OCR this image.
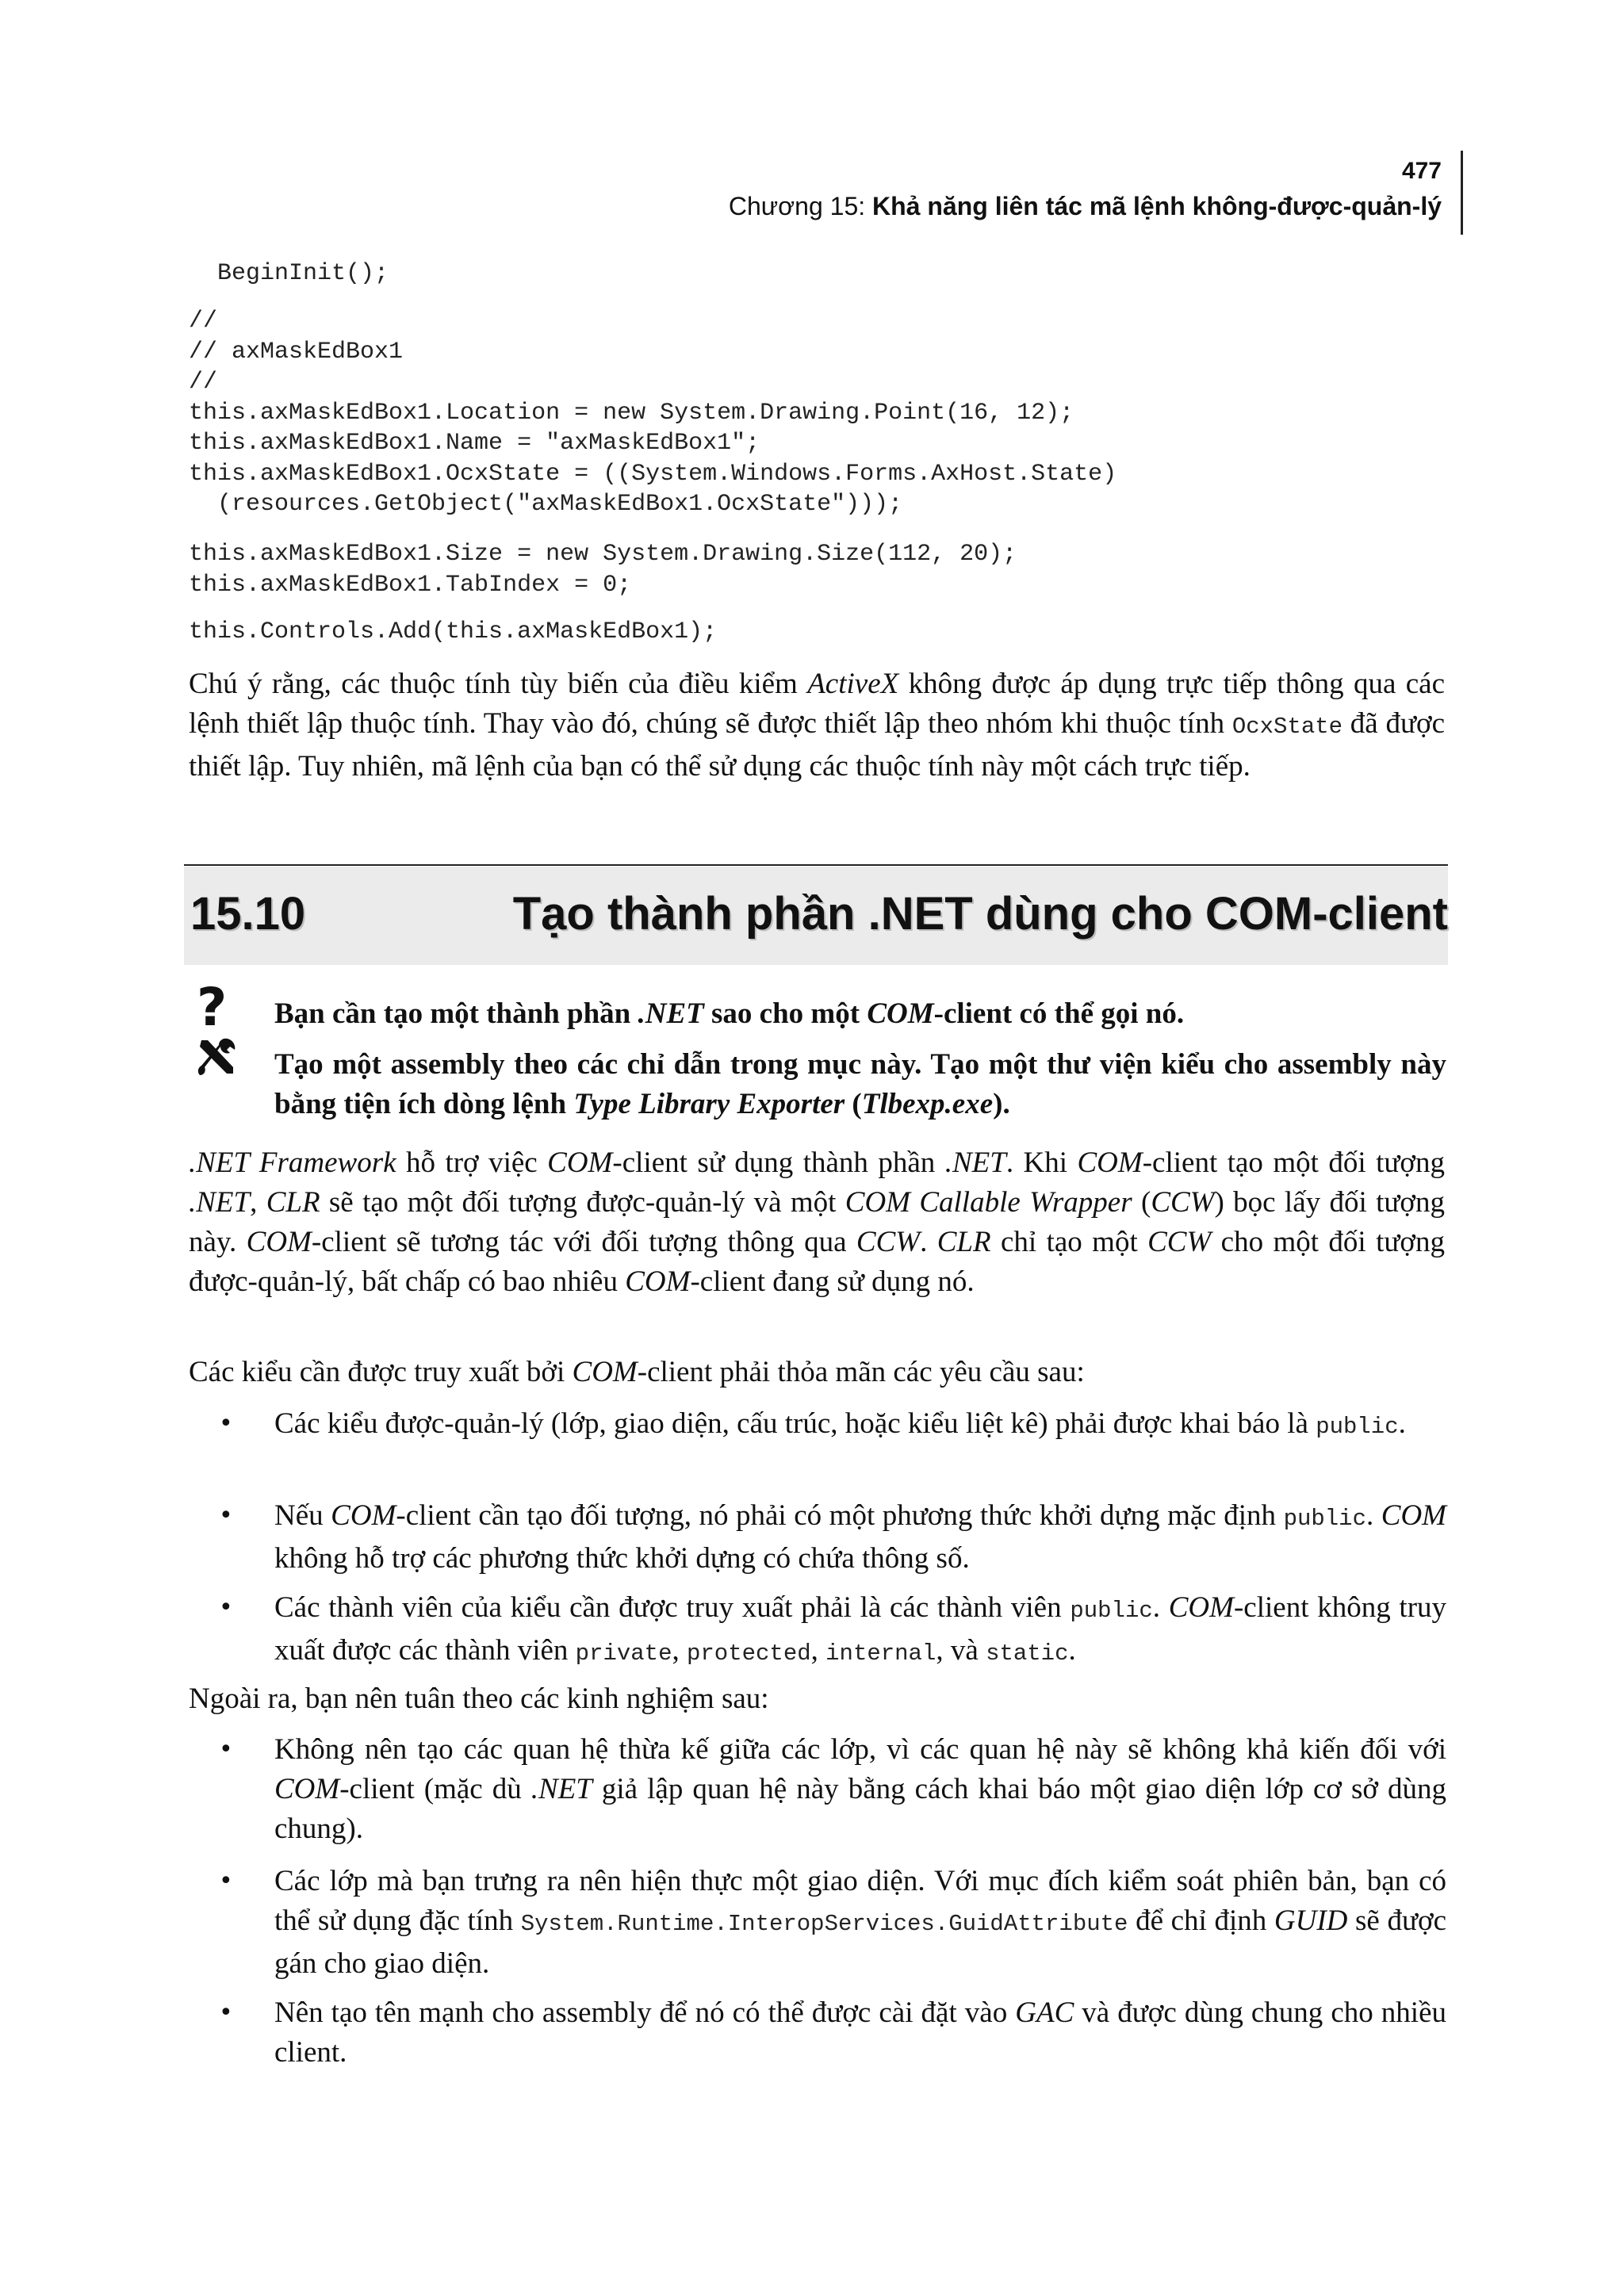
477
Chương 15: Khả năng liên tác mã lệnh không-được-quản-lý
BeginInit();
//
// axMaskEdBox1
//
this.axMaskEdBox1.Location = new System.Drawing.Point(16, 12);
this.axMaskEdBox1.Name = "axMaskEdBox1";
this.axMaskEdBox1.OcxState = ((System.Windows.Forms.AxHost.State)
(resources.GetObject("axMaskEdBox1.OcxState")));
this.axMaskEdBox1.Size = new System.Drawing.Size(112, 20);
this.axMaskEdBox1.TabIndex = 0;
this.Controls.Add(this.axMaskEdBox1);
Chú ý rằng, các thuộc tính tùy biến của điều kiểm ActiveX không được áp dụng trực tiếp thông qua các lệnh thiết lập thuộc tính. Thay vào đó, chúng sẽ được thiết lập theo nhóm khi thuộc tính OcxState đã được thiết lập. Tuy nhiên, mã lệnh của bạn có thể sử dụng các thuộc tính này một cách trực tiếp.
15.10	Tạo thành phần .NET dùng cho COM-client
? Bạn cần tạo một thành phần .NET sao cho một COM-client có thể gọi nó.
Tạo một assembly theo các chỉ dẫn trong mục này. Tạo một thư viện kiểu cho assembly này bằng tiện ích dòng lệnh Type Library Exporter (Tlbexp.exe).
.NET Framework hỗ trợ việc COM-client sử dụng thành phần .NET. Khi COM-client tạo một đối tượng .NET, CLR sẽ tạo một đối tượng được-quản-lý và một COM Callable Wrapper (CCW) bọc lấy đối tượng này. COM-client sẽ tương tác với đối tượng thông qua CCW. CLR chỉ tạo một CCW cho một đối tượng được-quản-lý, bất chấp có bao nhiêu COM-client đang sử dụng nó.
Các kiểu cần được truy xuất bởi COM-client phải thỏa mãn các yêu cầu sau:
• Các kiểu được-quản-lý (lớp, giao diện, cấu trúc, hoặc kiểu liệt kê) phải được khai báo là public.
• Nếu COM-client cần tạo đối tượng, nó phải có một phương thức khởi dựng mặc định public. COM không hỗ trợ các phương thức khởi dựng có chứa thông số.
• Các thành viên của kiểu cần được truy xuất phải là các thành viên public. COM-client không truy xuất được các thành viên private, protected, internal, và static.
Ngoài ra, bạn nên tuân theo các kinh nghiệm sau:
• Không nên tạo các quan hệ thừa kế giữa các lớp, vì các quan hệ này sẽ không khả kiến đối với COM-client (mặc dù .NET giả lập quan hệ này bằng cách khai báo một giao diện lớp cơ sở dùng chung).
• Các lớp mà bạn trưng ra nên hiện thực một giao diện. Với mục đích kiểm soát phiên bản, bạn có thể sử dụng đặc tính System.Runtime.InteropServices.GuidAttribute để chỉ định GUID sẽ được gán cho giao diện.
• Nên tạo tên mạnh cho assembly để nó có thể được cài đặt vào GAC và được dùng chung cho nhiều client.
